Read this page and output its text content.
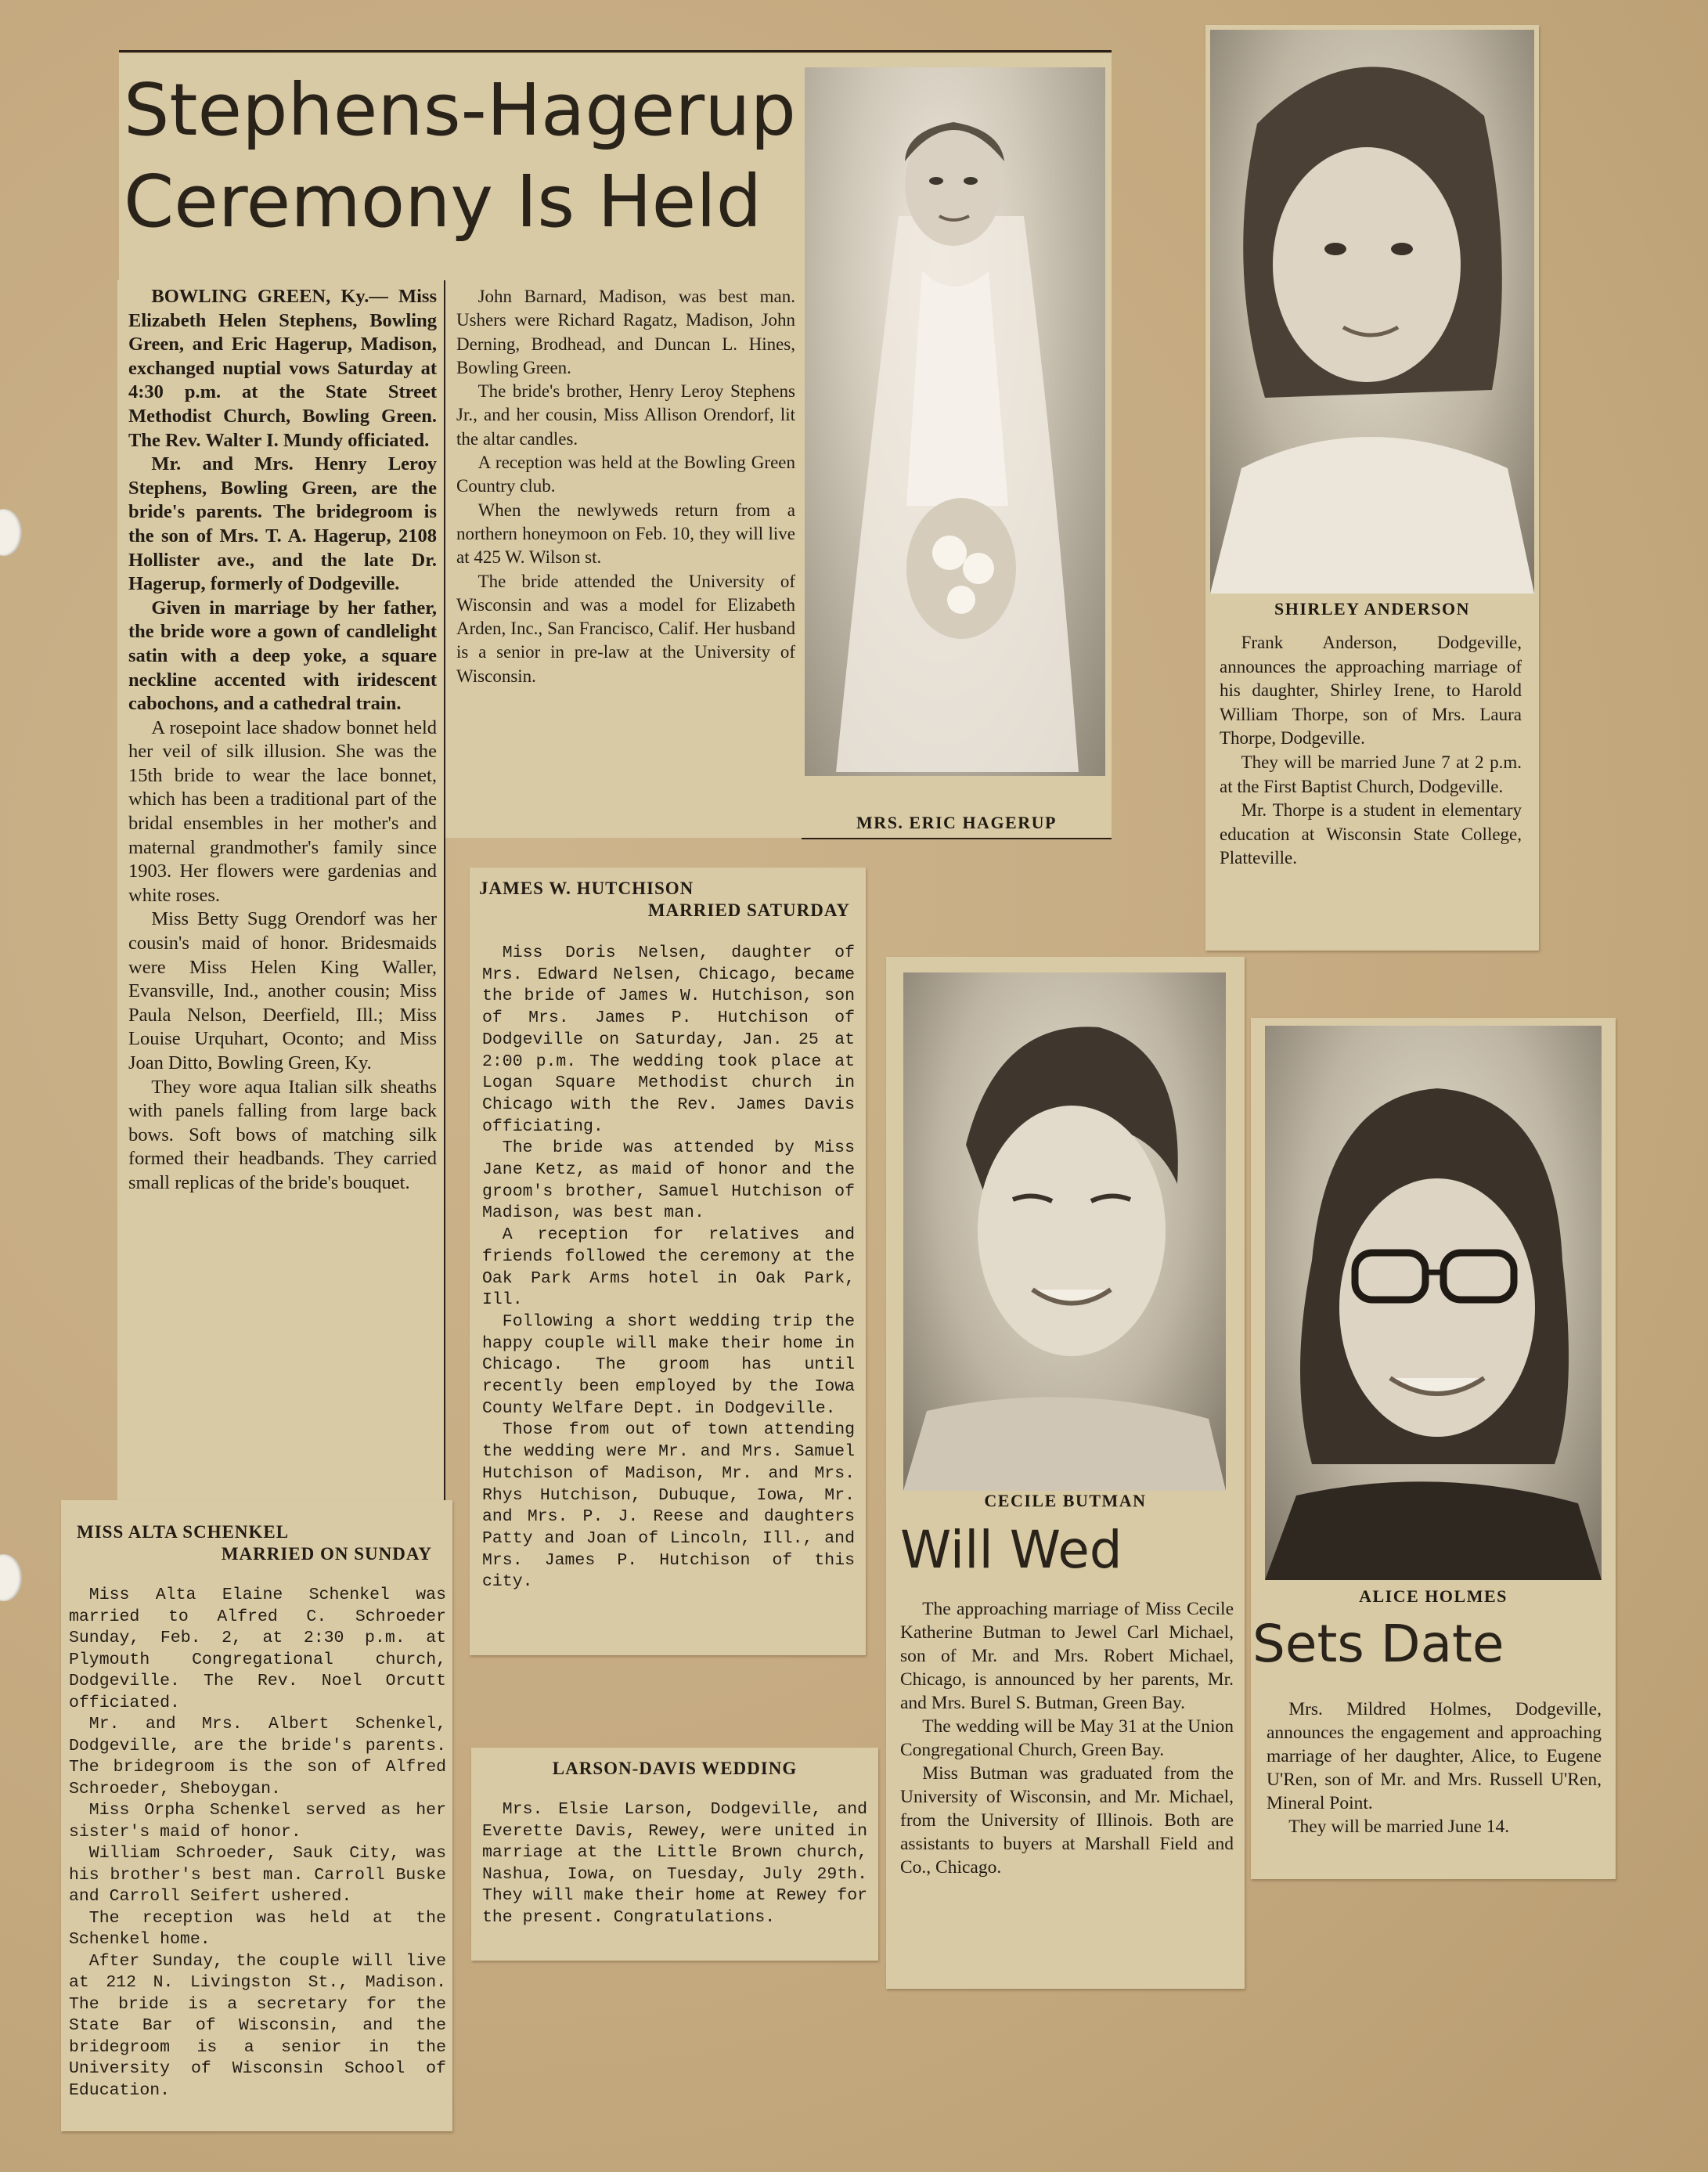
Stephens-Hagerup
Ceremony Is Held

BOWLING GREEN, Ky.— Miss Elizabeth Helen Stephens, Bowling Green, and Eric Hagerup, Madison, exchanged nuptial vows Saturday at 4:30 p.m. at the State Street Methodist Church, Bowling Green. The Rev. Walter I. Mundy officiated.

Mr. and Mrs. Henry Leroy Stephens, Bowling Green, are the bride's parents. The bridegroom is the son of Mrs. T. A. Hagerup, 2108 Hollister ave., and the late Dr. Hagerup, formerly of Dodgeville.

Given in marriage by her father, the bride wore a gown of candlelight satin with a deep yoke, a square neckline accented with iridescent cabochons, and a cathedral train.

A rosepoint lace shadow bonnet held her veil of silk illusion. She was the 15th bride to wear the lace bonnet, which has been a traditional part of the bridal ensembles in her mother's and maternal grandmother's family since 1903. Her flowers were gardenias and white roses.

Miss Betty Sugg Orendorf was her cousin's maid of honor. Bridesmaids were Miss Helen King Waller, Evansville, Ind., another cousin; Miss Paula Nelson, Deerfield, Ill.; Miss Louise Urquhart, Oconto; and Miss Joan Ditto, Bowling Green, Ky.

They wore aqua Italian silk sheaths with panels falling from large back bows. Soft bows of matching silk formed their headbands. They carried small replicas of the bride's bouquet.

John Barnard, Madison, was best man. Ushers were Richard Ragatz, Madison, John Derning, Brodhead, and Duncan L. Hines, Bowling Green.

The bride's brother, Henry Leroy Stephens Jr., and her cousin, Miss Allison Orendorf, lit the altar candles.

A reception was held at the Bowling Green Country club.

When the newlyweds return from a northern honeymoon on Feb. 10, they will live at 425 W. Wilson st.

The bride attended the University of Wisconsin and was a model for Elizabeth Arden, Inc., San Francisco, Calif. Her husband is a senior in pre-law at the University of Wisconsin.

MRS. ERIC HAGERUP
SHIRLEY ANDERSON

Frank Anderson, Dodgeville, announces the approaching marriage of his daughter, Shirley Irene, to Harold William Thorpe, son of Mrs. Laura Thorpe, Dodgeville.

They will be married June 7 at 2 p.m. at the First Baptist Church, Dodgeville.

Mr. Thorpe is a student in elementary education at Wisconsin State College, Platteville.

JAMES W. HUTCHISON
MARRIED SATURDAY

Miss Doris Nelsen, daughter of Mrs. Edward Nelsen, Chicago, became the bride of James W. Hutchison, son of Mrs. James P. Hutchison of Dodgeville on Saturday, Jan. 25 at 2:00 p.m. The wedding took place at Logan Square Methodist church in Chicago with the Rev. James Davis officiating.

The bride was attended by Miss Jane Ketz, as maid of honor and the groom's brother, Samuel Hutchison of Madison, was best man.

A reception for relatives and friends followed the ceremony at the Oak Park Arms hotel in Oak Park, Ill.

Following a short wedding trip the happy couple will make their home in Chicago. The groom has until recently been employed by the Iowa County Welfare Dept. in Dodgeville.

Those from out of town attending the wedding were Mr. and Mrs. Samuel Hutchison of Madison, Mr. and Mrs. Rhys Hutchison, Dubuque, Iowa, Mr. and Mrs. P. J. Reese and daughters Patty and Joan of Lincoln, Ill., and Mrs. James P. Hutchison of this city.

CECILE BUTMAN
Will Wed

The approaching marriage of Miss Cecile Katherine Butman to Jewel Carl Michael, son of Mr. and Mrs. Robert Michael, Chicago, is announced by her parents, Mr. and Mrs. Burel S. Butman, Green Bay.

The wedding will be May 31 at the Union Congregational Church, Green Bay.

Miss Butman was graduated from the University of Wisconsin, and Mr. Michael, from the University of Illinois. Both are assistants to buyers at Marshall Field and Co., Chicago.

ALICE HOLMES
Sets Date

Mrs. Mildred Holmes, Dodgeville, announces the engagement and approaching marriage of her daughter, Alice, to Eugene U'Ren, son of Mr. and Mrs. Russell U'Ren, Mineral Point.

They will be married June 14.

MISS ALTA SCHENKEL
MARRIED ON SUNDAY

Miss Alta Elaine Schenkel was married to Alfred C. Schroeder Sunday, Feb. 2, at 2:30 p.m. at Plymouth Congregational church, Dodgeville. The Rev. Noel Orcutt officiated.

Mr. and Mrs. Albert Schenkel, Dodgeville, are the bride's parents. The bridegroom is the son of Alfred Schroeder, Sheboygan.

Miss Orpha Schenkel served as her sister's maid of honor.

William Schroeder, Sauk City, was his brother's best man. Carroll Buske and Carroll Seifert ushered.

The reception was held at the Schenkel home.

After Sunday, the couple will live at 212 N. Livingston St., Madison. The bride is a secretary for the State Bar of Wisconsin, and the bridegroom is a senior in the University of Wisconsin School of Education.

LARSON-DAVIS WEDDING

Mrs. Elsie Larson, Dodgeville, and Everette Davis, Rewey, were united in marriage at the Little Brown church, Nashua, Iowa, on Tuesday, July 29th. They will make their home at Rewey for the present. Congratulations.
